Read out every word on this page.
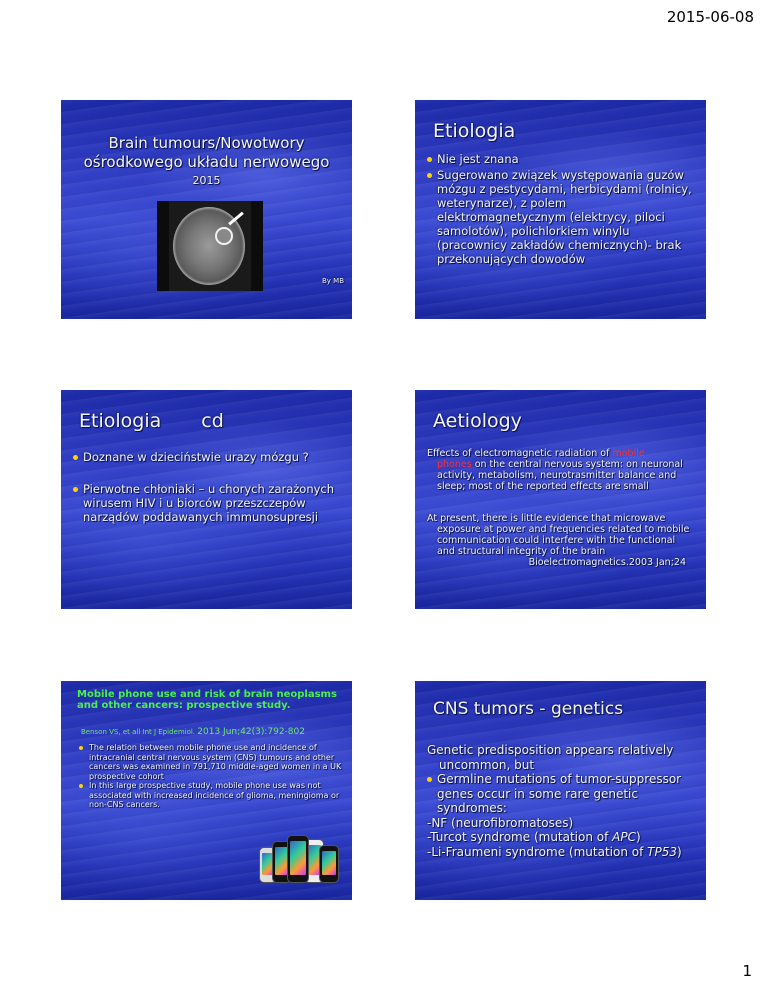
2015-06-08
Brain tumours/Nowotwory
ośrodkowego układu nerwowego
2015
By MB
Etiologia
Nie jest znana
Sugerowano związek występowania guzów mózgu z pestycydami, herbicydami (rolnicy, weterynarze), z polem elektromagnetycznym (elektrycy, piloci samolotów), polichlorkiem winylu (pracownicy zakładów chemicznych)- brak przekonujących dowodów
Etiologia cd
Doznane w dzieciństwie urazy mózgu ?
Pierwotne chłoniaki – u chorych zarażonych wirusem HIV i u biorców przeszczepów narządów poddawanych immunosupresji
Aetiology
Effects of electromagnetic radiation of mobile
phones on the central nervous system: on neuronal activity, metabolism, neurotrasmitter balance and sleep; most of the reported effects are small
At present, there is little evidence that microwave
exposure at power and frequencies related to mobile communication could interfere with the functional and structural integrity of the brain
Bioelectromagnetics.2003 Jan;24
Mobile phone use and risk of brain neoplasms and other cancers: prospective study.
Benson VS, et all Int J Epidemiol. 2013 Jun;42(3):792-802
The relation between mobile phone use and incidence of intracranial central nervous system (CNS) tumours and other cancers was examined in 791,710 middle-aged women in a UK prospective cohort
In this large prospective study, mobile phone use was not associated with increased incidence of glioma, meningioma or non-CNS cancers.
CNS tumors - genetics
Genetic predisposition appears relatively
uncommon, but
Germline mutations of tumor-suppressor genes occur in some rare genetic syndromes:
-NF (neurofibromatoses)
-Turcot syndrome (mutation of APC)
-Li-Fraumeni syndrome (mutation of TP53)
1
